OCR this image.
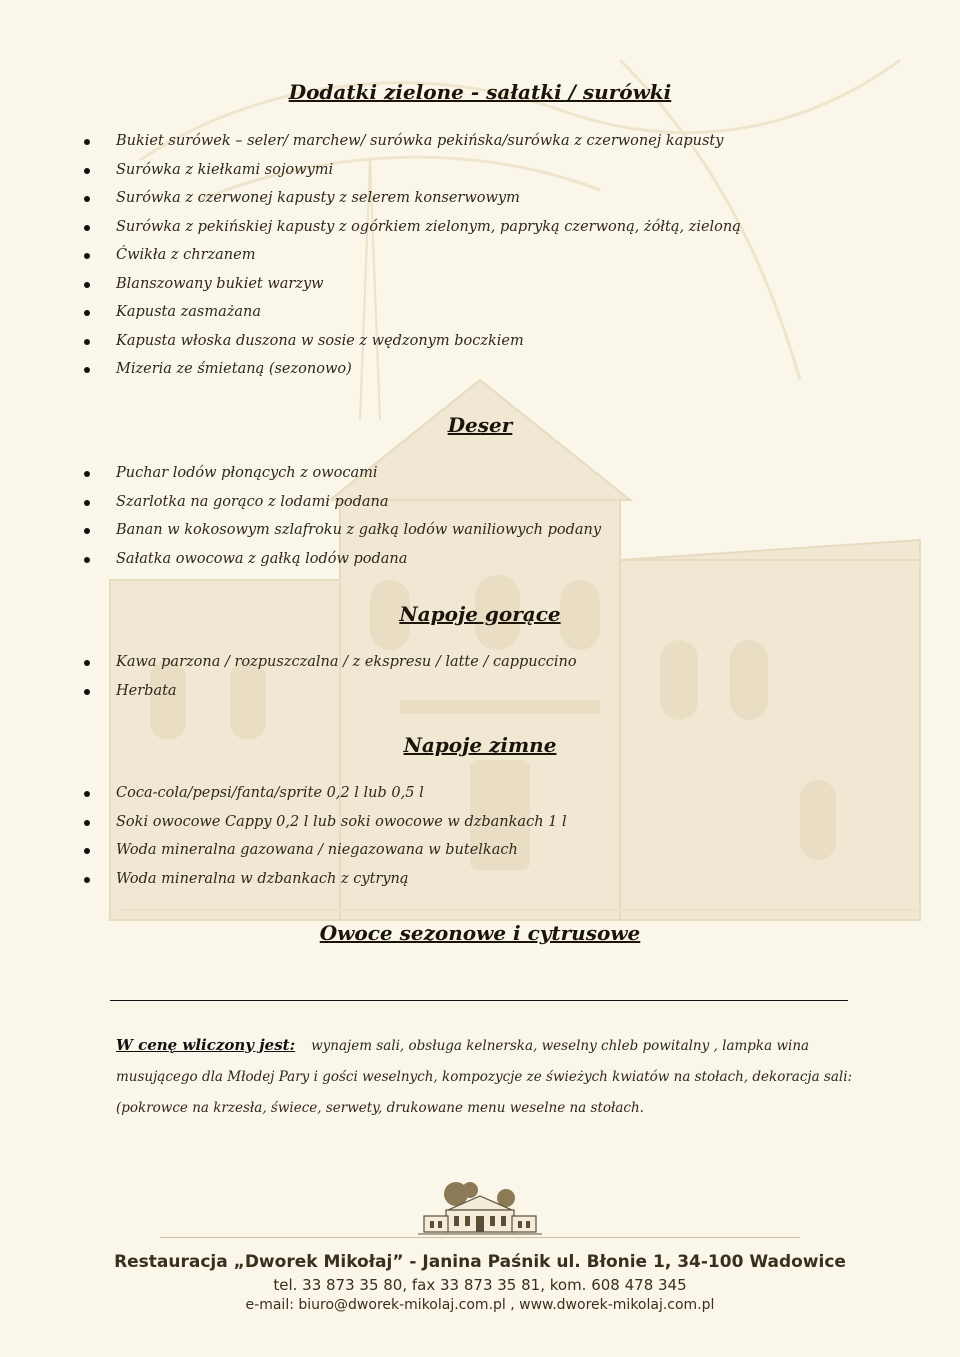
Dodatki zielone - sałatki / surówki
Bukiet surówek – seler/ marchew/ surówka pekińska/surówka z czerwonej kapusty
Surówka z kiełkami sojowymi
Surówka z czerwonej kapusty z selerem konserwowym
Surówka z pekińskiej kapusty z ogórkiem zielonym, papryką czerwoną, żółtą, zieloną
Ćwikła z chrzanem
Blanszowany bukiet warzyw
Kapusta zasmażana
Kapusta włoska duszona w sosie z wędzonym boczkiem
Mizeria ze śmietaną (sezonowo)
Deser
Puchar lodów płonących z owocami
Szarlotka na gorąco z lodami podana
Banan w kokosowym szlafroku z gałką lodów waniliowych podany
Sałatka owocowa z gałką lodów podana
Napoje gorące
Kawa parzona / rozpuszczalna / z ekspresu / latte / cappuccino
Herbata
Napoje zimne
Coca-cola/pepsi/fanta/sprite 0,2 l lub 0,5 l
Soki owocowe Cappy 0,2 l lub soki owocowe w dzbankach 1 l
Woda mineralna gazowana / niegazowana w butelkach
Woda mineralna w dzbankach z cytryną
Owoce sezonowe i cytrusowe

W cenę wliczony jest: wynajem sali, obsługa kelnerska, weselny chleb powitalny , lampka wina musującego dla Młodej Pary i gości weselnych, kompozycje ze świeżych kwiatów na stołach, dekoracja sali: (pokrowce na krzesła, świece, serwety, drukowane menu weselne na stołach.

Restauracja „Dworek Mikołaj” - Janina Paśnik ul. Błonie 1, 34-100 Wadowice
tel. 33 873 35 80, fax 33 873 35 81, kom. 608 478 345
e-mail: biuro@dworek-mikolaj.com.pl , www.dworek-mikolaj.com.pl
